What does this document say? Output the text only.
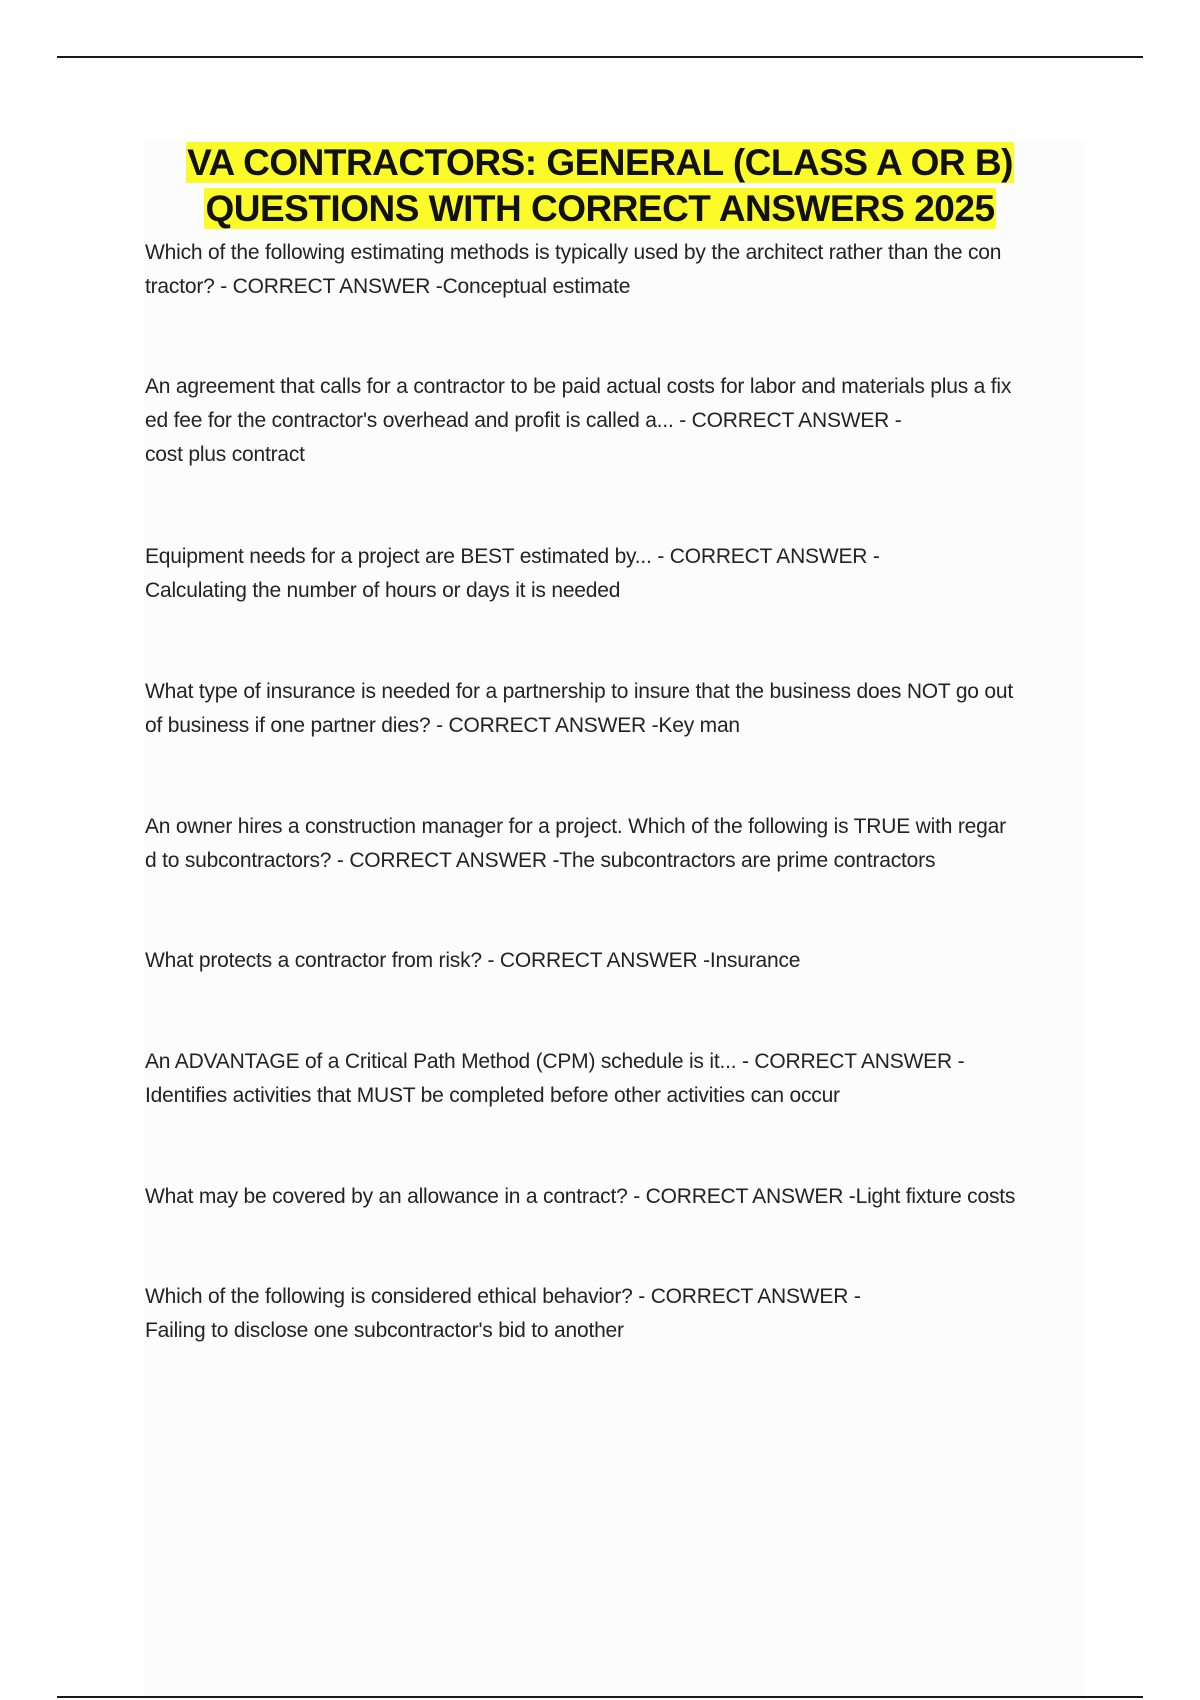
VA CONTRACTORS: GENERAL (CLASS A OR B)
QUESTIONS WITH CORRECT ANSWERS 2025
Which of the following estimating methods is typically used by the architect rather than the con
tractor? - CORRECT ANSWER -Conceptual estimate
An agreement that calls for a contractor to be paid actual costs for labor and materials plus a fix
ed fee for the contractor's overhead and profit is called a... - CORRECT ANSWER -
cost plus contract
Equipment needs for a project are BEST estimated by... - CORRECT ANSWER -
Calculating the number of hours or days it is needed
What type of insurance is needed for a partnership to insure that the business does NOT go out
of business if one partner dies? - CORRECT ANSWER -Key man
An owner hires a construction manager for a project. Which of the following is TRUE with regar
d to subcontractors? - CORRECT ANSWER -The subcontractors are prime contractors
What protects a contractor from risk? - CORRECT ANSWER -Insurance
An ADVANTAGE of a Critical Path Method (CPM) schedule is it... - CORRECT ANSWER -
Identifies activities that MUST be completed before other activities can occur
What may be covered by an allowance in a contract? - CORRECT ANSWER -Light fixture costs
Which of the following is considered ethical behavior? - CORRECT ANSWER -
Failing to disclose one subcontractor's bid to another
